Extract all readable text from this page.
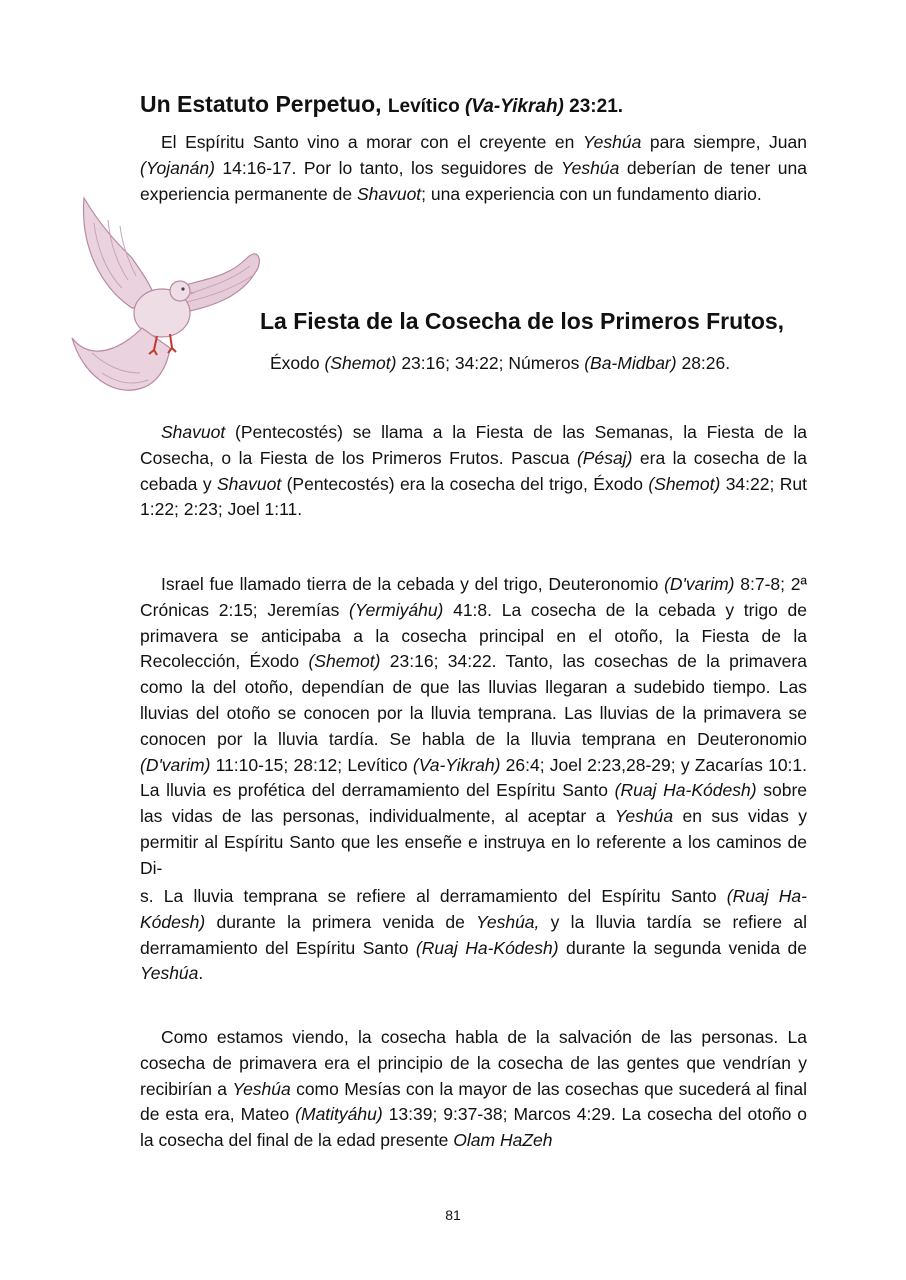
Un Estatuto Perpetuo, Levítico (Va-Yikrah) 23:21.

El Espíritu Santo vino a morar con el creyente en Yeshúa para siempre, Juan (Yojanán) 14:16-17. Por lo tanto, los seguidores de Yeshúa deberían de tener una experiencia permanente de Shavuot; una experiencia con un fundamento diario.

La Fiesta de la Cosecha de los Primeros Frutos,

Éxodo (Shemot) 23:16; 34:22; Números (Ba-Midbar) 28:26.

Shavuot (Pentecostés) se llama a la Fiesta de las Semanas, la Fiesta de la Cosecha, o la Fiesta de los Primeros Frutos. Pascua (Pésaj) era la cosecha de la cebada y Shavuot (Pentecostés) era la cosecha del trigo, Éxodo (Shemot) 34:22; Rut 1:22; 2:23; Joel 1:11.

Israel fue llamado tierra de la cebada y del trigo, Deuteronomio (D'varim) 8:7-8; 2ª Crónicas 2:15; Jeremías (Yermiyáhu) 41:8. La cosecha de la cebada y trigo de primavera se anticipaba a la cosecha principal en el otoño, la Fiesta de la Recolección, Éxodo (Shemot) 23:16; 34:22. Tanto, las cosechas de la primavera como la del otoño, dependían de que las lluvias llegaran a sudebido tiempo. Las lluvias del otoño se conocen por la lluvia temprana. Las lluvias de la primavera se conocen por la lluvia tardía. Se habla de la lluvia temprana en Deuteronomio (D'varim) 11:10-15; 28:12; Levítico (Va-Yikrah) 26:4; Joel 2:23,28-29; y Zacarías 10:1. La lluvia es profética del derramamiento del Espíritu Santo (Ruaj Ha-Kódesh) sobre las vidas de las personas, individualmente, al aceptar a Yeshúa en sus vidas y permitir al Espíritu Santo que les enseñe e instruya en lo referente a los caminos de Di-

s. La lluvia temprana se refiere al derramamiento del Espíritu Santo (Ruaj Ha-Kódesh) durante la primera venida de Yeshúa, y la lluvia tardía se refiere al derramamiento del Espíritu Santo (Ruaj Ha-Kódesh) durante la segunda venida de Yeshúa.

Como estamos viendo, la cosecha habla de la salvación de las personas. La cosecha de primavera era el principio de la cosecha de las gentes que vendrían y recibirían a Yeshúa como Mesías con la mayor de las cosechas que sucederá al final de esta era, Mateo (Matityáhu) 13:39; 9:37-38; Marcos 4:29. La cosecha del otoño o la cosecha del final de la edad presente Olam HaZeh

81
